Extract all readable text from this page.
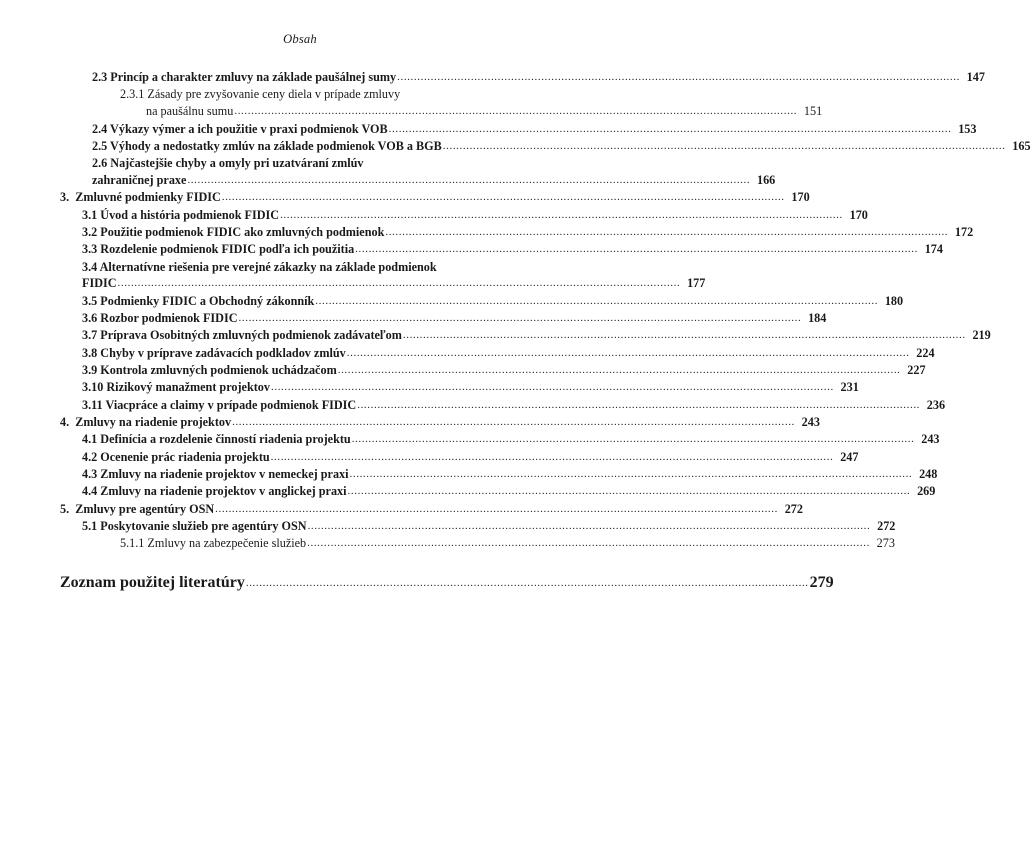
Obsah
2.3 Princíp a charakter zmluvy na základe paušálnej sumy .....	147
2.3.1 Zásady pre zvyšovanie ceny diela v prípade zmluvy
na paušálnu sumu .....	151
2.4 Výkazy výmer a ich použitie v praxi podmienok VOB .....	153
2.5 Výhody a nedostatky zmlúv na základe podmienok VOB a BGB .....	165
2.6 Najčastejšie chyby a omyly pri uzatváraní zmlúv
zahraničnej praxe .....	166
3.  Zmluvné podmienky FIDIC .....	170
3.1 Úvod a história podmienok FIDIC .....	170
3.2 Použitie podmienok FIDIC ako zmluvných podmienok .....	172
3.3 Rozdelenie podmienok FIDIC podľa ich použitia .....	174
3.4 Alternatívne riešenia pre verejné zákazky na základe podmienok
FIDIC .....	177
3.5 Podmienky FIDIC a Obchodný zákonník .....	180
3.6 Rozbor podmienok FIDIC .....	184
3.7 Príprava Osobitných zmluvných podmienok zadávateľom .....	219
3.8 Chyby v príprave zadávacích podkladov zmlúv .....	224
3.9 Kontrola zmluvných podmienok uchádzačom .....	227
3.10 Rizikový manažment projektov .....	231
3.11 Viacpráce a claimy v prípade podmienok FIDIC .....	236
4.  Zmluvy na riadenie projektov .....	243
4.1 Definícia a rozdelenie činností riadenia projektu .....	243
4.2 Ocenenie prác riadenia projektu .....	247
4.3 Zmluvy na riadenie projektov v nemeckej praxi .....	248
4.4 Zmluvy na riadenie projektov v anglickej praxi .....	269
5.  Zmluvy pre agentúry OSN .....	272
5.1 Poskytovanie služieb pre agentúry OSN .....	272
5.1.1 Zmluvy na zabezpečenie služieb .....	273
Zoznam použitej literatúry .....	279
